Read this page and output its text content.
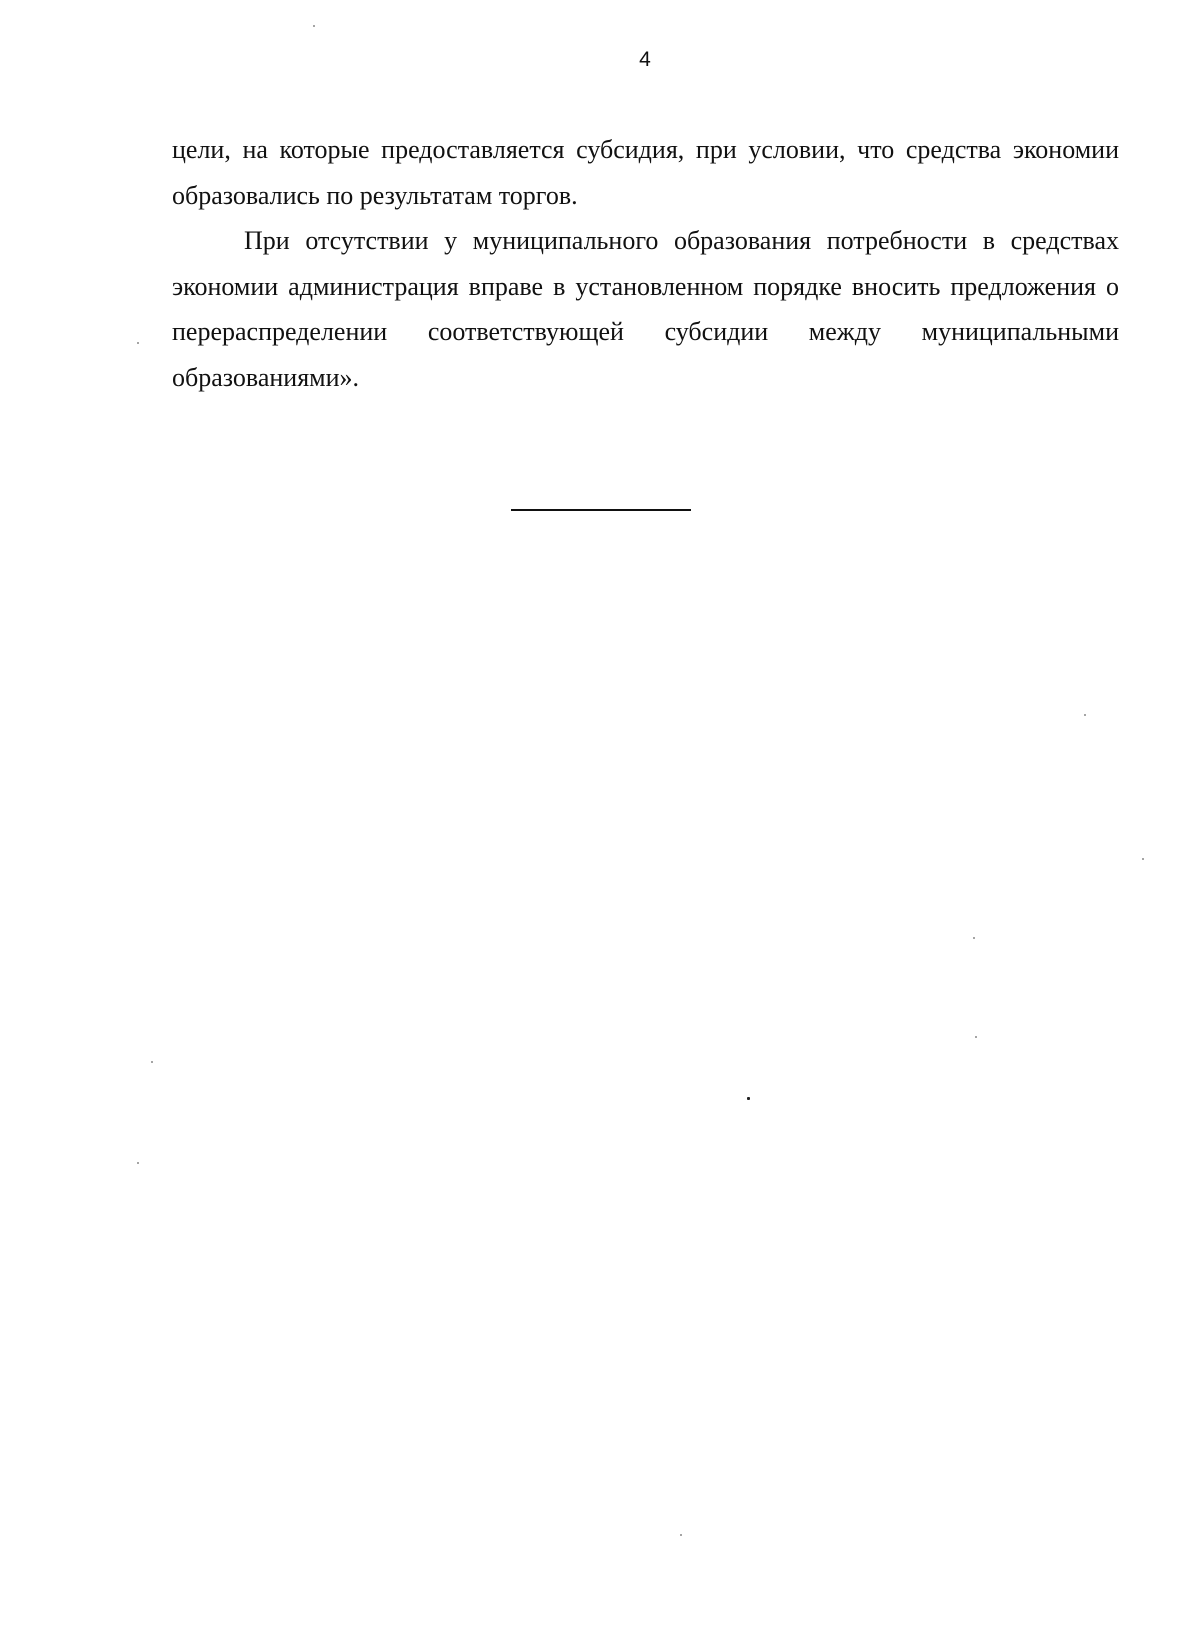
4

цели, на которые предоставляется субсидия, при условии, что средства экономии образовались по результатам торгов.

При отсутствии у муниципального образования потребности в средствах экономии администрация вправе в установленном порядке вносить предложения о перераспределении соответствующей субсидии между муниципальными образованиями».
